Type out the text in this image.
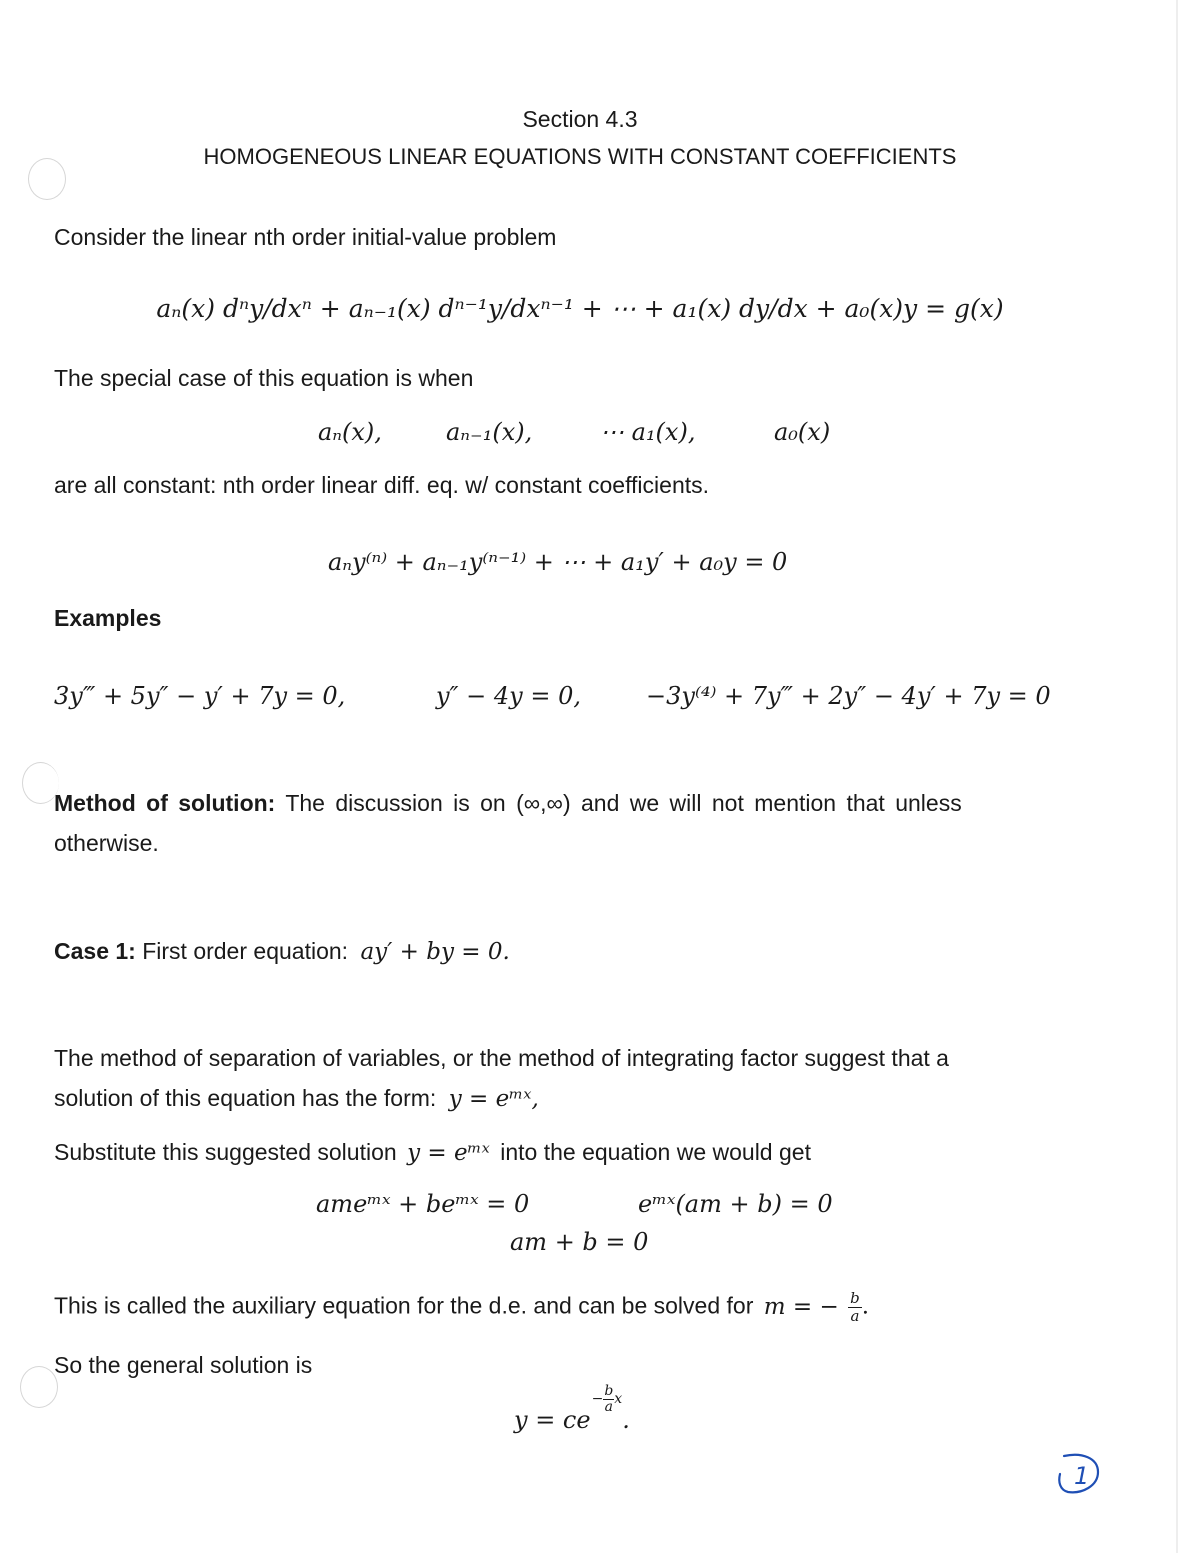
Section 4.3
HOMOGENEOUS LINEAR EQUATIONS WITH CONSTANT COEFFICIENTS
Consider the linear nth order initial-value problem
aₙ(x) dⁿy/dxⁿ + aₙ₋₁(x) dⁿ⁻¹y/dxⁿ⁻¹ + ⋯ + a₁(x) dy/dx + a₀(x)y = g(x)
The special case of this equation is when
aₙ(x),	aₙ₋₁(x),	⋯ a₁(x),	a₀(x)
are all constant: nth order linear diff. eq. w/ constant coefficients.
aₙy⁽ⁿ⁾ + aₙ₋₁y⁽ⁿ⁻¹⁾ + ⋯ + a₁y′ + a₀y = 0
Examples
3y‴ + 5y″ − y′ + 7y = 0,	y″ − 4y = 0,	−3y⁽⁴⁾ + 7y‴ + 2y″ − 4y′ + 7y = 0
Method of solution: The discussion is on (∞,∞) and we will not mention that unless
otherwise.
Case 1: First order equation: ay′ + by = 0.
The method of separation of variables, or the method of integrating factor suggest that a
solution of this equation has the form: y = eᵐˣ,
Substitute this suggested solution y = eᵐˣ into the equation we would get
ameᵐˣ + beᵐˣ = 0	eᵐˣ(am + b) = 0
am + b = 0
This is called the auxiliary equation for the d.e. and can be solved for m = − $\frac{b}{a}$ .
So the general solution is
$y = ce- \frac{b}{a} x$.
1
